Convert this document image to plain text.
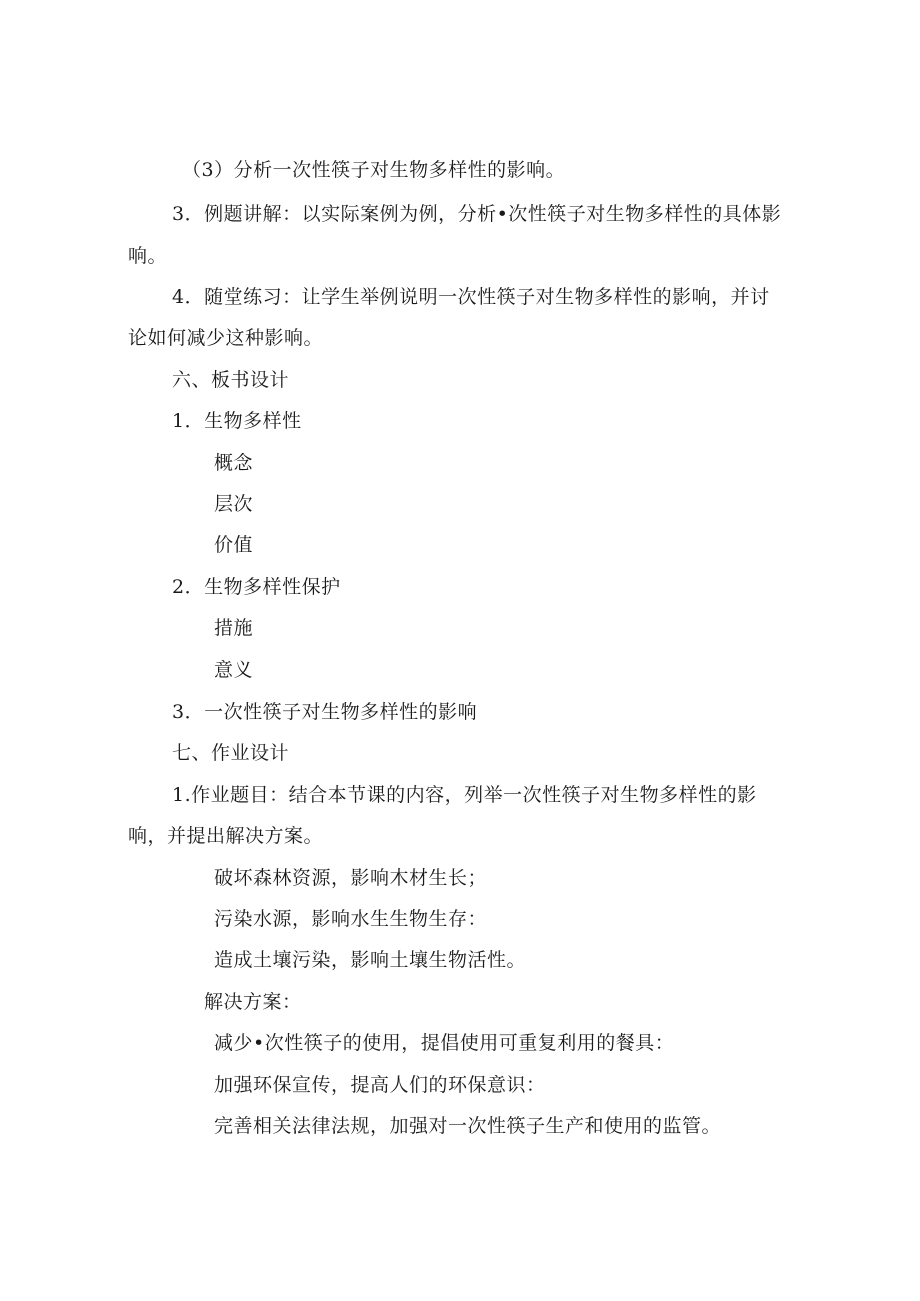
（3）分析一次性筷子对生物多样性的影响。
3．例题讲解：以实际案例为例，分析•次性筷子对生物多样性的具体影
响。
4．随堂练习：让学生举例说明一次性筷子对生物多样性的影响，并讨
论如何减少这种影响。
六、板书设计
1．生物多样性
概念
层次
价值
2．生物多样性保护
措施
意义
3．一次性筷子对生物多样性的影响
七、作业设计
1.作业题目：结合本节课的内容，列举一次性筷子对生物多样性的影
响，并提出解决方案。
破坏森林资源，影响木材生长；
污染水源，影响水生生物生存：
造成土壤污染，影响土壤生物活性。
解决方案：
减少•次性筷子的使用，提倡使用可重复利用的餐具：
加强环保宣传，提高人们的环保意识：
完善相关法律法规，加强对一次性筷子生产和使用的监管。
